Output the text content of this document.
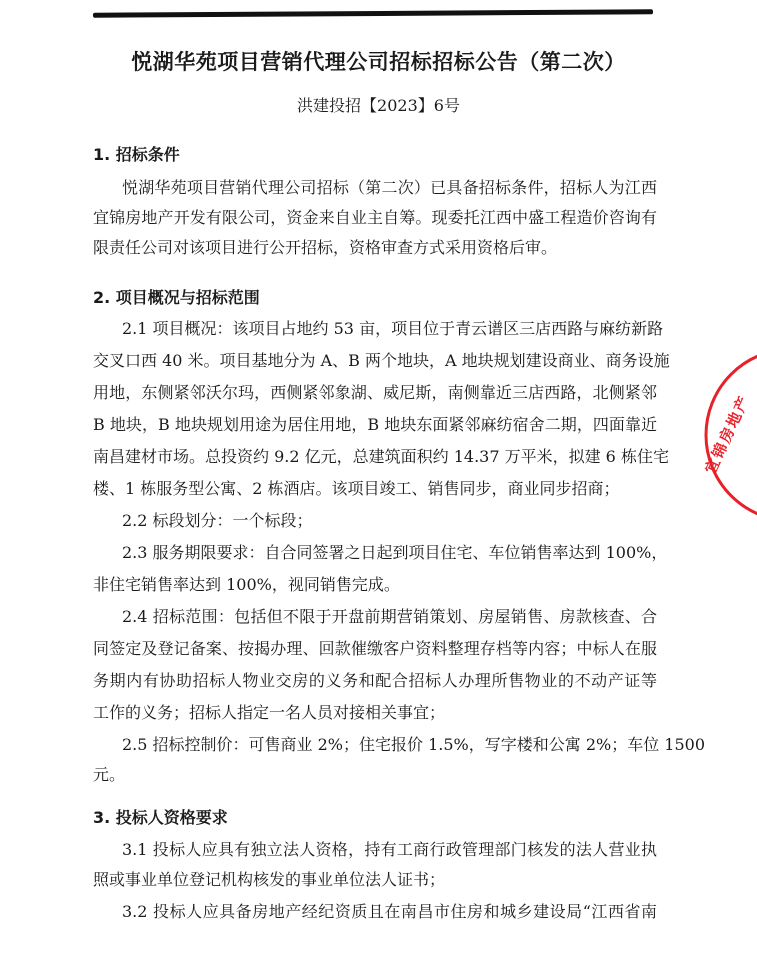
悦湖华苑项目营销代理公司招标招标公告（第二次）
洪建投招【2023】6号
1. 招标条件
悦湖华苑项目营销代理公司招标（第二次）已具备招标条件，招标人为江西
宜锦房地产开发有限公司，资金来自业主自筹。现委托江西中盛工程造价咨询有
限责任公司对该项目进行公开招标，资格审查方式采用资格后审。
2. 项目概况与招标范围
2.1 项目概况：该项目占地约 53 亩，项目位于青云谱区三店西路与麻纺新路
交叉口西 40 米。项目基地分为 A、B 两个地块，A 地块规划建设商业、商务设施
用地，东侧紧邻沃尔玛，西侧紧邻象湖、威尼斯，南侧靠近三店西路，北侧紧邻
B 地块，B 地块规划用途为居住用地，B 地块东面紧邻麻纺宿舍二期，四面靠近
南昌建材市场。总投资约 9.2 亿元，总建筑面积约 14.37 万平米，拟建 6 栋住宅
楼、1 栋服务型公寓、2 栋酒店。该项目竣工、销售同步，商业同步招商；
2.2 标段划分：一个标段；
2.3 服务期限要求：自合同签署之日起到项目住宅、车位销售率达到 100%，
非住宅销售率达到 100%，视同销售完成。
2.4 招标范围：包括但不限于开盘前期营销策划、房屋销售、房款核查、合
同签定及登记备案、按揭办理、回款催缴客户资料整理存档等内容；中标人在服
务期内有协助招标人物业交房的义务和配合招标人办理所售物业的不动产证等
工作的义务；招标人指定一名人员对接相关事宜；
2.5 招标控制价：可售商业 2%；住宅报价 1.5%，写字楼和公寓 2%；车位 1500
元。
3. 投标人资格要求
3.1 投标人应具有独立法人资格，持有工商行政管理部门核发的法人营业执
照或事业单位登记机构核发的事业单位法人证书；
3.2 投标人应具备房地产经纪资质且在南昌市住房和城乡建设局“江西省南
宜锦房地产
